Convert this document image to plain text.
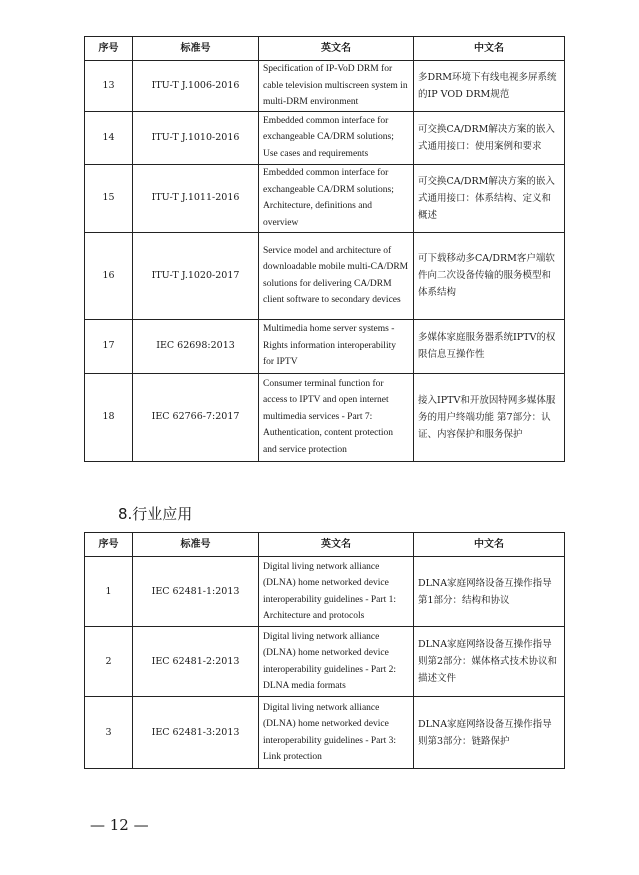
序号	标准号	英文名	中文名
13	ITU-T J.1006-2016	Specification of IP-VoD DRM for cable television multiscreen system in multi-DRM environment	多DRM环境下有线电视多屏系统的IP VOD DRM规范
14	ITU-T J.1010-2016	Embedded common interface for exchangeable CA/DRM solutions; Use cases and requirements	可交换CA/DRM解决方案的嵌入式通用接口：使用案例和要求
15	ITU-T J.1011-2016	Embedded common interface for exchangeable CA/DRM solutions; Architecture, definitions and overview	可交换CA/DRM解决方案的嵌入式通用接口：体系结构、定义和概述
16	ITU-T J.1020-2017	Service model and architecture of downloadable mobile multi-CA/DRM solutions for delivering CA/DRM client software to secondary devices	可下载移动多CA/DRM客户端软件向二次设备传输的服务模型和体系结构
17	IEC 62698:2013	Multimedia home server systems - Rights information interoperability for IPTV	多媒体家庭服务器系统IPTV的权限信息互操作性
18	IEC 62766-7:2017	Consumer terminal function for access to IPTV and open internet multimedia services - Part 7: Authentication, content protection and service protection	接入IPTV和开放因特网多媒体服务的用户终端功能 第7部分：认证、内容保护和服务保护
8.行业应用
序号	标准号	英文名	中文名
1	IEC 62481-1:2013	Digital living network alliance (DLNA) home networked device interoperability guidelines - Part 1: Architecture and protocols	DLNA家庭网络设备互操作指导 第1部分：结构和协议
2	IEC 62481-2:2013	Digital living network alliance (DLNA) home networked device interoperability guidelines - Part 2: DLNA media formats	DLNA家庭网络设备互操作指导则第2部分：媒体格式技术协议和描述文件
3	IEC 62481-3:2013	Digital living network alliance (DLNA) home networked device interoperability guidelines - Part 3: Link protection	DLNA家庭网络设备互操作指导则第3部分：链路保护
— 12 —
